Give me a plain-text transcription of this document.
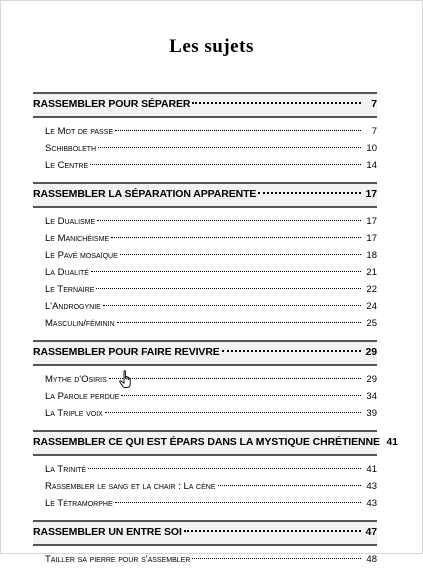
Les sujets
RASSEMBLER POUR SÉPARER	7
Le Mot de passe	7
Schibboleth	10
Le Centre	14
RASSEMBLER LA SÉPARATION APPARENTE	17
Le Dualisme	17
Le Manichéisme	17
Le Pavé mosaïque	18
La Dualité	21
Le Ternaire	22
L'Androgynie	24
Masculin/féminin	25
RASSEMBLER POUR FAIRE REVIVRE	29
Mythe d'Osiris	29
La Parole perdue	34
La Triple voix	39
RASSEMBLER CE QUI EST ÉPARS DANS LA MYSTIQUE CHRÉTIENNE 41
La Trinité	41
Rassembler le sang et la chair : La cène	43
Le Tétramorphe	43
RASSEMBLER UN ENTRE SOI	47
Tailler sa pierre pour s'assembler	48
